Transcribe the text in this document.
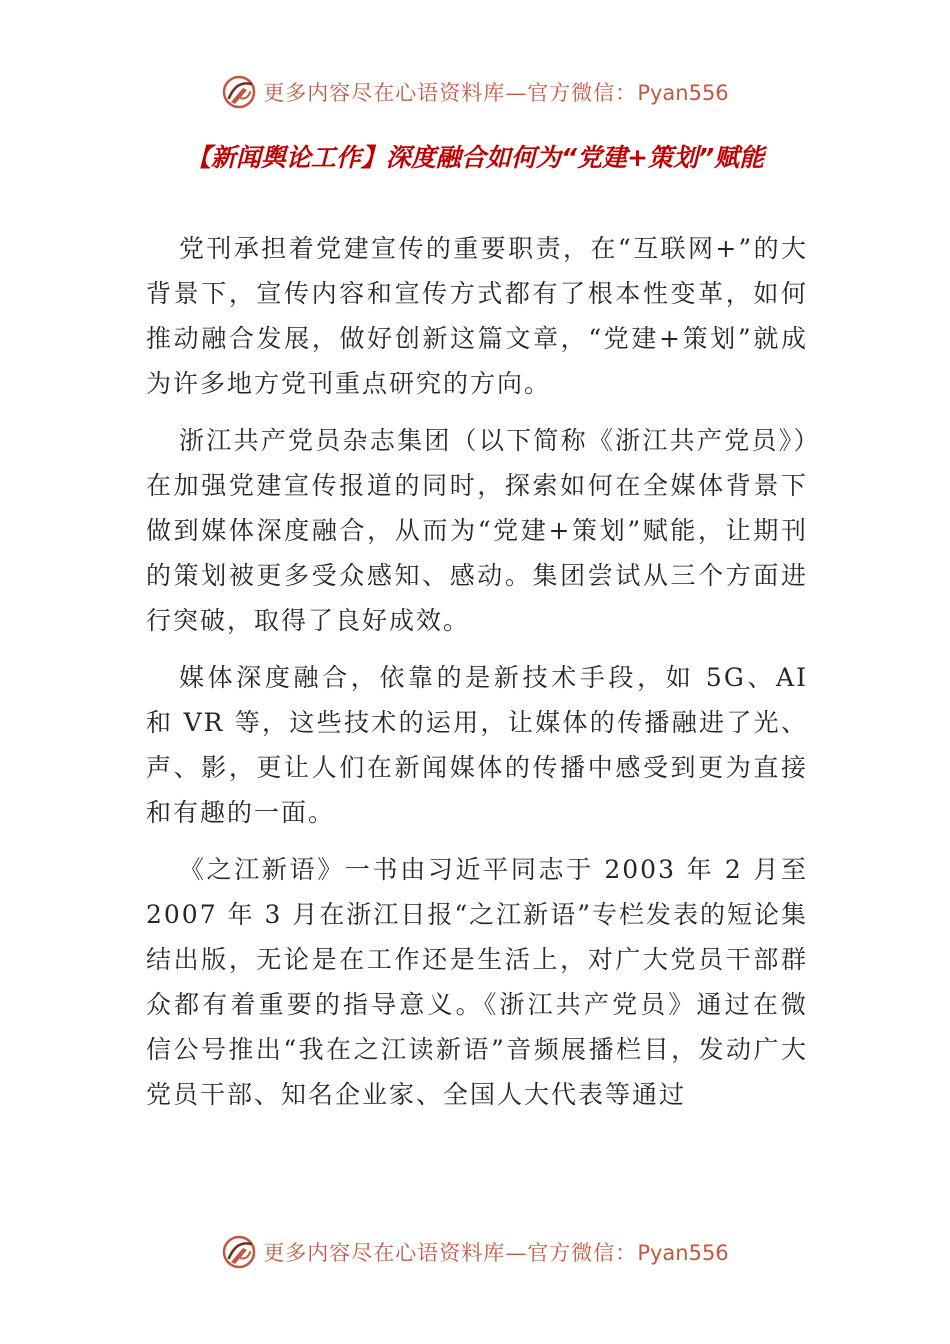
更多内容尽在心语资料库—官方微信：Pyan556
【新闻舆论工作】深度融合如何为“党建+策划”赋能

党刊承担着党建宣传的重要职责，在“互联网+”的大背景下，宣传内容和宣传方式都有了根本性变革，如何推动融合发展，做好创新这篇文章，“党建+策划”就成为许多地方党刊重点研究的方向。

浙江共产党员杂志集团（以下简称《浙江共产党员》）在加强党建宣传报道的同时，探索如何在全媒体背景下做到媒体深度融合，从而为“党建+策划”赋能，让期刊的策划被更多受众感知、感动。集团尝试从三个方面进行突破，取得了良好成效。

媒体深度融合，依靠的是新技术手段，如 5G、AI 和 VR 等，这些技术的运用，让媒体的传播融进了光、声、影，更让人们在新闻媒体的传播中感受到更为直接和有趣的一面。

《之江新语》一书由习近平同志于 2003 年 2 月至 2007 年 3 月在浙江日报“之江新语”专栏发表的短论集结出版，无论是在工作还是生活上，对广大党员干部群众都有着重要的指导意义。《浙江共产党员》通过在微信公号推出“我在之江读新语”音频展播栏目，发动广大党员干部、知名企业家、全国人大代表等通过

更多内容尽在心语资料库—官方微信：Pyan556
